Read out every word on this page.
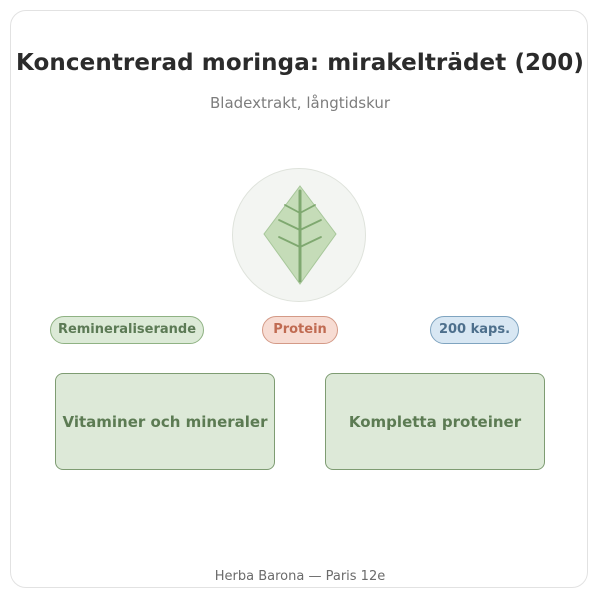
Koncentrerad moringa: mirakelträdet (200)
Bladextrakt, långtidskur
Remineraliserande	Protein	200 kaps.
Vitaminer och mineraler	Kompletta proteiner
Herba Barona — Paris 12e
